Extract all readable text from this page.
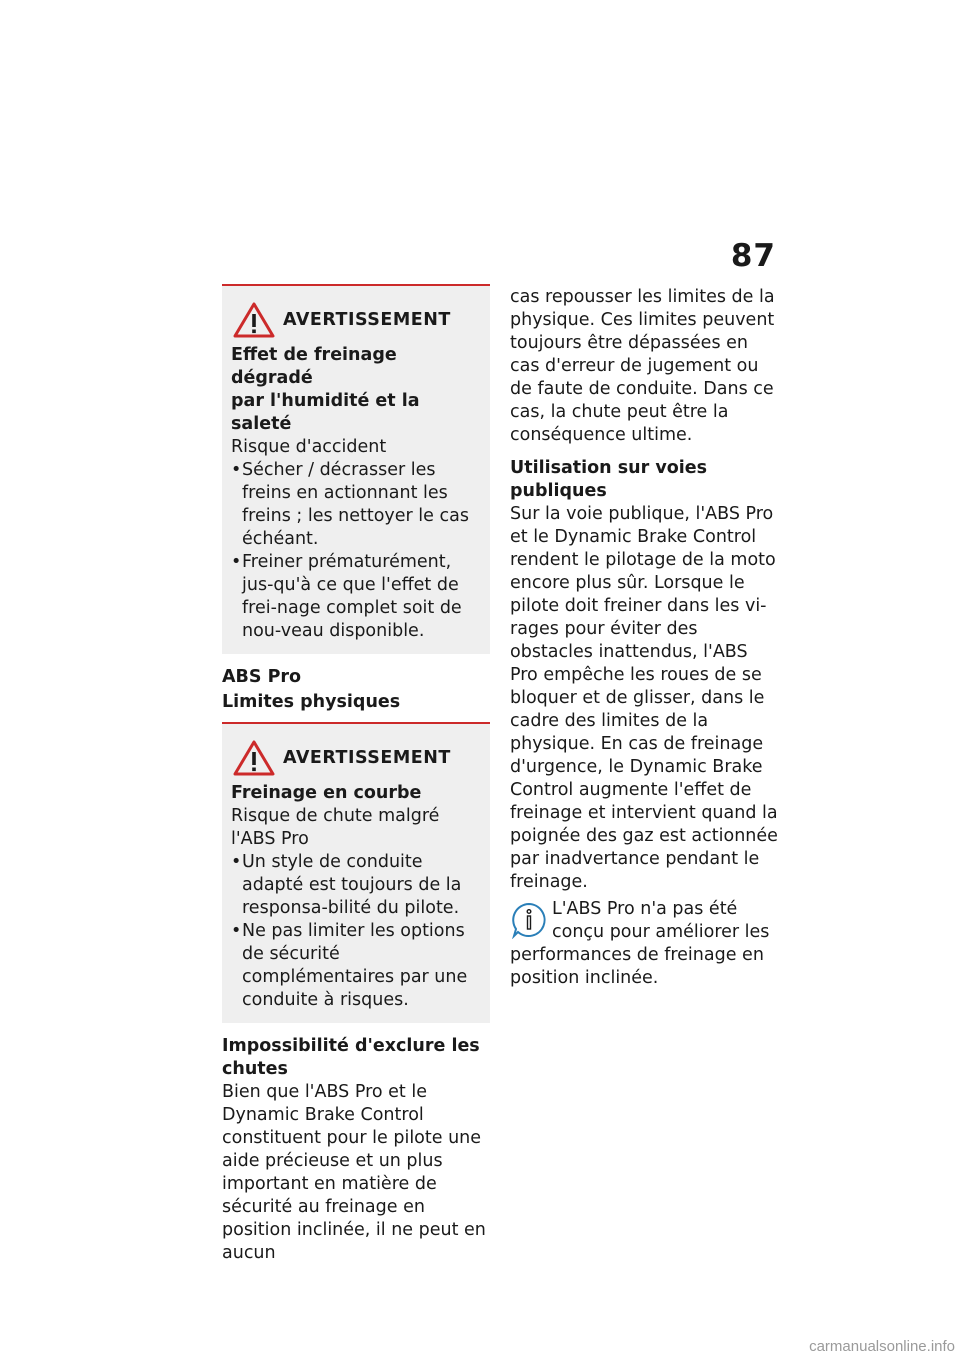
87
AVERTISSEMENT
Effet de freinage dégradé
par l'humidité et la saleté
Risque d'accident
• Sécher / décrasser les freins en actionnant les freins ; les nettoyer le cas échéant.
• Freiner prématurément, jus-qu'à ce que l'effet de frei-nage complet soit de nou-veau disponible.
ABS Pro
Limites physiques
AVERTISSEMENT
Freinage en courbe
Risque de chute malgré
l'ABS Pro
• Un style de conduite adapté est toujours de la responsa-bilité du pilote.
• Ne pas limiter les options de sécurité complémentaires par une conduite à risques.
Impossibilité d'exclure les chutes

Bien que l'ABS Pro et le Dynamic Brake Control constituent pour le pilote une aide précieuse et un plus important en matière de sécurité au freinage en position inclinée, il ne peut en aucun

cas repousser les limites de la physique. Ces limites peuvent toujours être dépassées en cas d'erreur de jugement ou de faute de conduite. Dans ce cas, la chute peut être la conséquence ultime.

Utilisation sur voies publiques

Sur la voie publique, l'ABS Pro et le Dynamic Brake Control rendent le pilotage de la moto encore plus sûr. Lorsque le pilote doit freiner dans les vi-rages pour éviter des obstacles inattendus, l'ABS Pro empêche les roues de se bloquer et de glisser, dans le cadre des limites de la physique. En cas de freinage d'urgence, le Dynamic Brake Control augmente l'effet de freinage et intervient quand la poignée des gaz est actionnée par inadvertance pendant le freinage.

L'ABS Pro n'a pas été conçu pour améliorer les performances de freinage en position inclinée.
carmanualsonline.info
